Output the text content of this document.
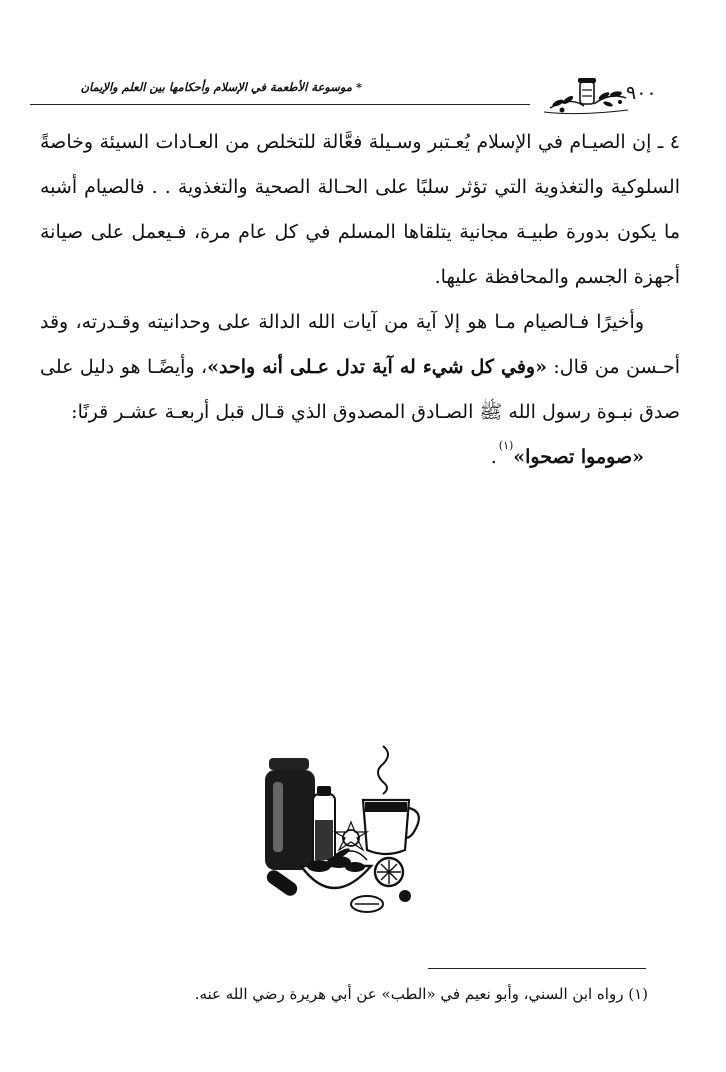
* موسوعة الأطعمة في الإسلام وأحكامها بين العلم والإيمان	٩٠٠

٤ ـ إن الصيـام في الإسلام يُعـتبر وسـيلة فعَّالة للتخلص من العـادات السيئة وخاصةً السلوكية والتغذوية التي تؤثر سلبًا على الحـالة الصحية والتغذوية . . فالصيام أشبه ما يكون بدورة طبيـة مجانية يتلقاها المسلم في كل عام مرة، فـيعمل على صيانة أجهزة الجسم والمحافظة عليها.

وأخيرًا فـالصيام مـا هو إلا آية من آيات الله الدالة على وحدانيته وقـدرته، وقد أحـسن من قال: «وفي كل شيء له آية تدل عـلى أنه واحد»، وأيضًـا هو دليل على صدق نبـوة رسول الله ﷺ الصـادق المصدوق الذي قـال قبل أربعـة عشـر قرنًا:
«صوموا تصحوا»$^{(١)}$.

(١) رواه ابن السني، وأبو نعيم في «الطب» عن أبي هريرة رضي الله عنه.
